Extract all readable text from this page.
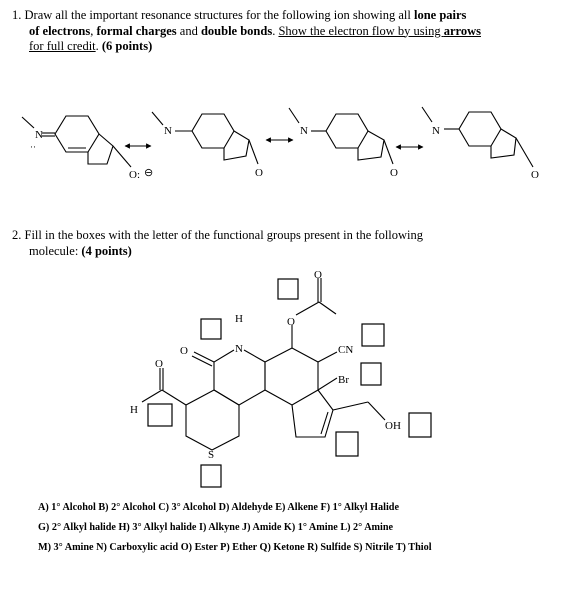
1. Draw all the important resonance structures for the following ion showing all lone pairs
of electrons, formal charges and double bonds. Show the electron flow by using arrows
for full credit. (6 points)
2. Fill in the boxes with the letter of the functional groups present in the following
molecule: (4 points)
N
··
O: ⊖
N
O
N
O
N
O
O
O
H
N
O	CN
Br
O
H
OH
S
A) 1° Alcohol B) 2° Alcohol C) 3° Alcohol D) Aldehyde E) Alkene F) 1° Alkyl Halide
G) 2° Alkyl halide H) 3° Alkyl halide I) Alkyne J) Amide K) 1° Amine L) 2° Amine
M) 3° Amine N) Carboxylic acid O) Ester P) Ether Q) Ketone R) Sulfide S) Nitrile T) Thiol
